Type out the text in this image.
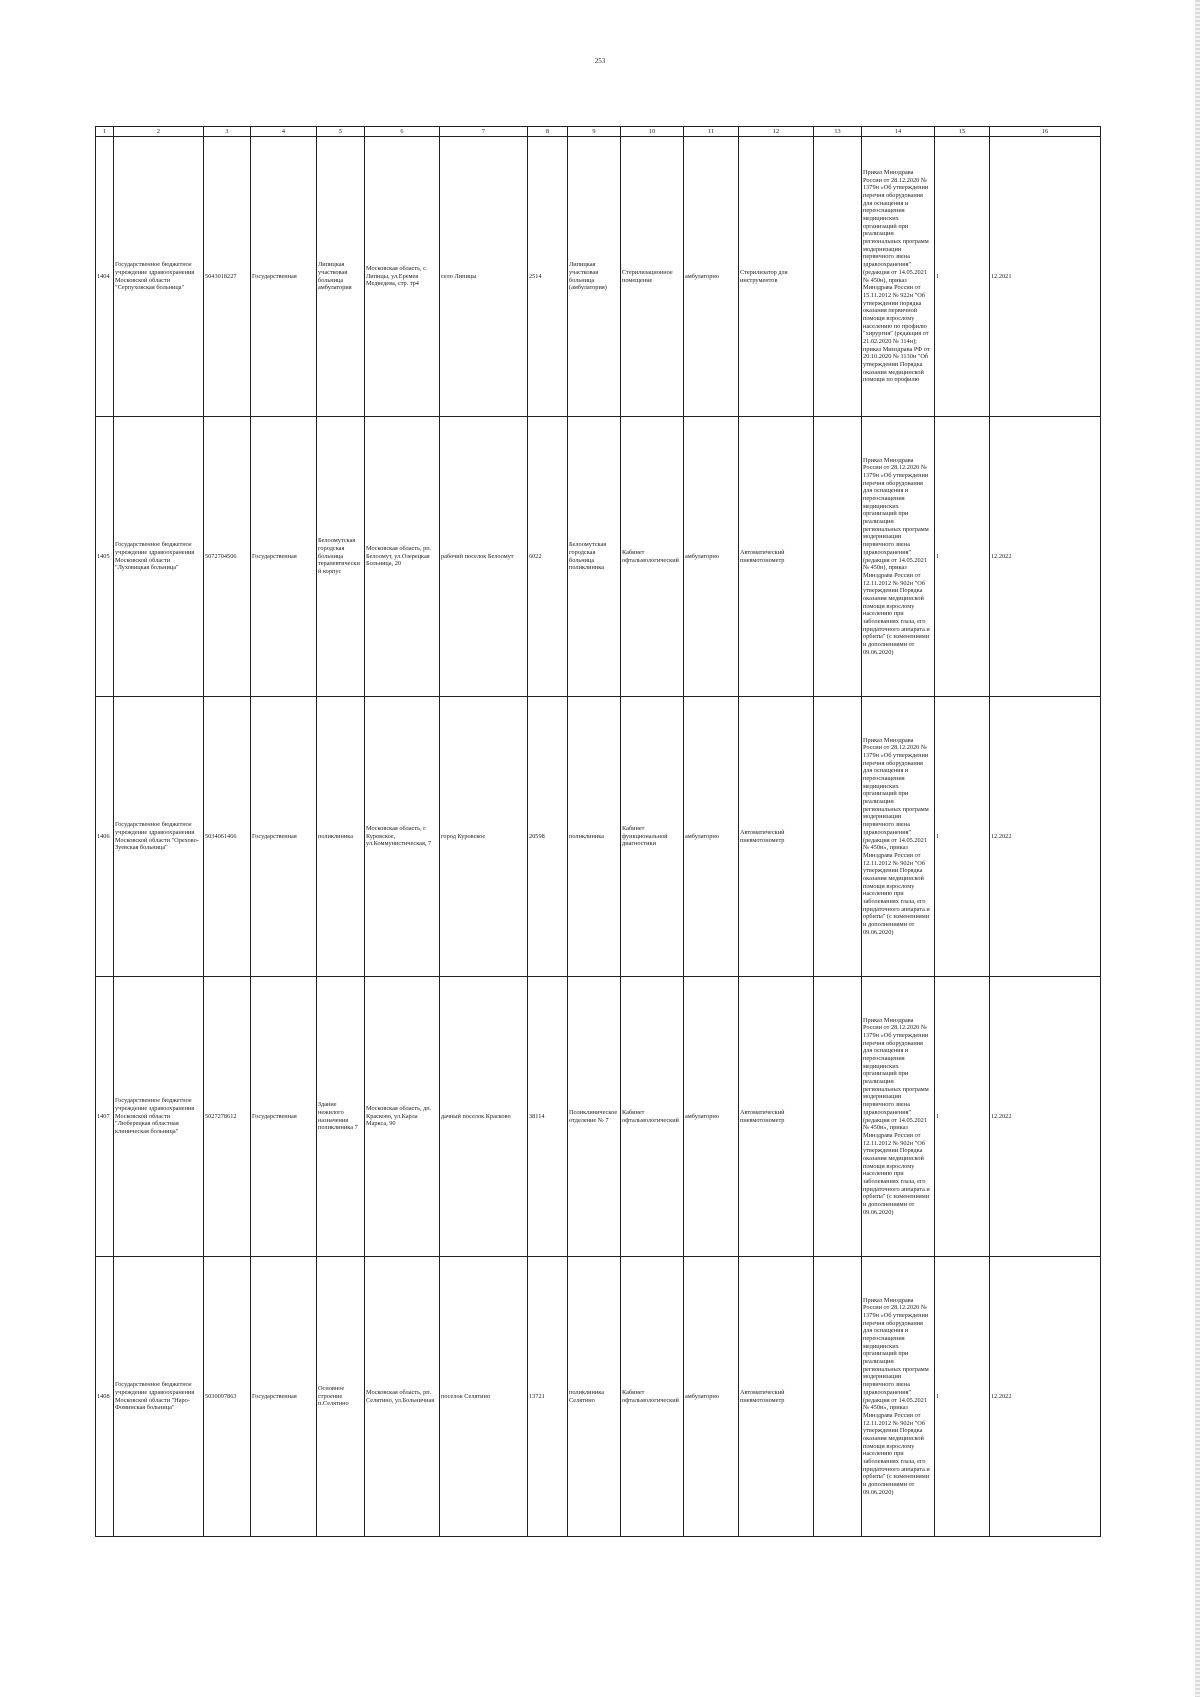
253
1	2	3	4	5	6	7	8	9	10	11	12	13	14	15	16
1404	Государственное бюджетное учреждение здравоохранения Московской области "Серпуховская больница"	5043018227	Государственная	Липицкая участковая больница амбулатория	Московская область, с. Липицы, ул.Еремея Медведева, стр. тр4	село Липицы	2514	Липицкая участковая больница (амбулатория)	Стерилизационное помещение	амбулаторно	Стерилизатор для инструментов		Приказ Минздрава России от 28.12.2020 № 1379н «Об утверждении перечня оборудования для оснащения и переоснащения медицинских организаций при реализации региональных программ модернизации первичного звена здравоохранения"(редакция от 14.05.2021 № 450н), приказ Минздрава России от 15.11.2012 № 922н "Об утверждении порядка оказания первичной помощи взрослому населению по профилю "хирургия" (редакция от 21.02.2020 № 114н); приказ Минздрава РФ от 20.10.2020 № 1130н "Об утверждении Порядка оказания медицинской помощи по профилю	1	12.2021
1405	Государственное бюджетное учреждение здравоохранения Московской области "Луховицкая больница"	5072704506	Государственная	Белоомутская городская больница терапевтический корпус	Московская область, рп. Белоомут, ул.Озерецкая Больница, 20	рабочий поселок Белоомут	6022	Белоомутская городская больница поликлиника	Кабинет офтальмологический	амбулаторно	Автоматический пневмотонометр		Приказ Минздрава России от 28.12.2020 № 1379н «Об утверждении перечня оборудования для оснащения и переоснащения медицинских организаций при реализации региональных программ модернизации первичного звена здравоохранения"(редакция от 14.05.2021 № 450н), приказ Минздрава России от 12.11.2012 № 902н "Об утверждении Порядка оказания медицинской помощи взрослому населению при заболеваниях глаза, его придаточного аппарата и орбиты" (с изменениями и дополнениями от 09.06.2020)	1	12.2022
1406	Государственное бюджетное учреждение здравоохранения Московской области "Орехово-Зуевская больница"	5034061466	Государственная	поликлиника	Московская область, г. Куровское, ул.Коммунистическая, 7	город Куровское	20598	поликлиника	Кабинет функциональной диагностики	амбулаторно	Автоматический пневмотонометр		Приказ Минздрава России от 28.12.2020 № 1379н «Об утверждении перечня оборудования для оснащения и переоснащения медицинских организаций при реализации региональных программ модернизации первичного звена здравоохранения"(редакция от 14.05.2021 № 450н», приказ Минздрава России от 12.11.2012 № 902н "Об утверждении Порядка оказания медицинской помощи взрослому населению при заболеваниях глаза, его придаточного аппарата и орбиты" (с изменениями и дополнениями от 09.06.2020)	1	12.2022
1407	Государственное бюджетное учреждение здравоохранения Московской области "Люберецкая областная клиническая больница"	5027278612	Государственная	Здание нежилого назначения поликлиника 7	Московская область, дп. Красково, ул.Карла Маркса, 90	дачный поселок Красково	38114	Поликлиническое отделение № 7	Кабинет офтальмологический	амбулаторно	Автоматический пневмотонометр		Приказ Минздрава России от 28.12.2020 № 1379н «Об утверждении перечня оборудования для оснащения и переоснащения медицинских организаций при реализации региональных программ модернизации первичного звена здравоохранения"(редакция от 14.05.2021 № 450н», приказ Минздрава России от 12.11.2012 № 902н "Об утверждении Порядка оказания медицинской помощи взрослому населению при заболеваниях глаза, его придаточного аппарата и орбиты" (с изменениями и дополнениями от 09.06.2020)	1	12.2022
1408	Государственное бюджетное учреждение здравоохранения Московской области "Наро-Фоминская больница"	5030097863	Государственная	Основное строение п.Селятино	Московская область, рп. Селятино, ул.Больничная	поселок Селятино	13721	поликлиника Селятино	Кабинет офтальмологический	амбулаторно	Автоматический пневмотонометр		Приказ Минздрава России от 28.12.2020 № 1379н «Об утверждении перечня оборудования для оснащения и переоснащения медицинских организаций при реализации региональных программ модернизации первичного звена здравоохранения"(редакция от 14.05.2021 № 450н», приказ Минздрава России от 12.11.2012 № 902н "Об утверждении Порядка оказания медицинской помощи взрослому населению при заболеваниях глаза, его придаточного аппарата и орбиты" (с изменениями и дополнениями от 09.06.2020)	1	12.2022
